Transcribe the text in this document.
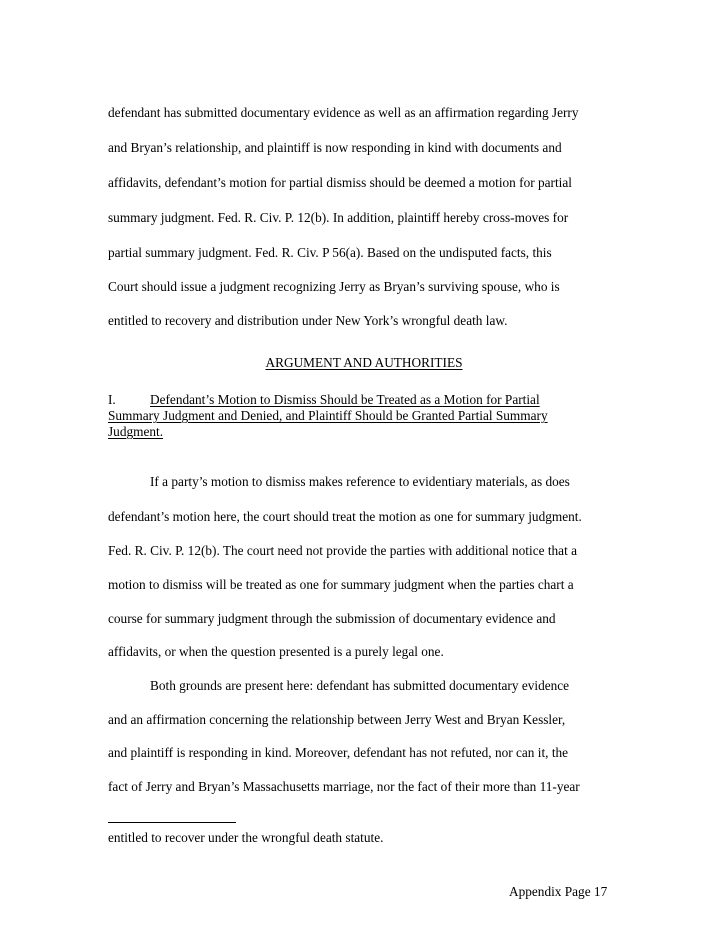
defendant has submitted documentary evidence as well as an affirmation regarding Jerry
and Bryan’s relationship, and plaintiff is now responding in kind with documents and
affidavits, defendant’s motion for partial dismiss should be deemed a motion for partial
summary judgment. Fed. R. Civ. P. 12(b). In addition, plaintiff hereby cross-moves for
partial summary judgment. Fed. R. Civ. P 56(a). Based on the undisputed facts, this
Court should issue a judgment recognizing Jerry as Bryan’s surviving spouse, who is
entitled to recovery and distribution under New York’s wrongful death law.
ARGUMENT AND AUTHORITIES
I.	Defendant’s Motion to Dismiss Should be Treated as a Motion for Partial
Summary Judgment and Denied, and Plaintiff Should be Granted Partial Summary
Judgment.
If a party’s motion to dismiss makes reference to evidentiary materials, as does
defendant’s motion here, the court should treat the motion as one for summary judgment.
Fed. R. Civ. P. 12(b). The court need not provide the parties with additional notice that a
motion to dismiss will be treated as one for summary judgment when the parties chart a
course for summary judgment through the submission of documentary evidence and
affidavits, or when the question presented is a purely legal one.
Both grounds are present here: defendant has submitted documentary evidence
and an affirmation concerning the relationship between Jerry West and Bryan Kessler,
and plaintiff is responding in kind. Moreover, defendant has not refuted, nor can it, the
fact of Jerry and Bryan’s Massachusetts marriage, nor the fact of their more than 11-year
entitled to recover under the wrongful death statute.
Appendix Page 17
